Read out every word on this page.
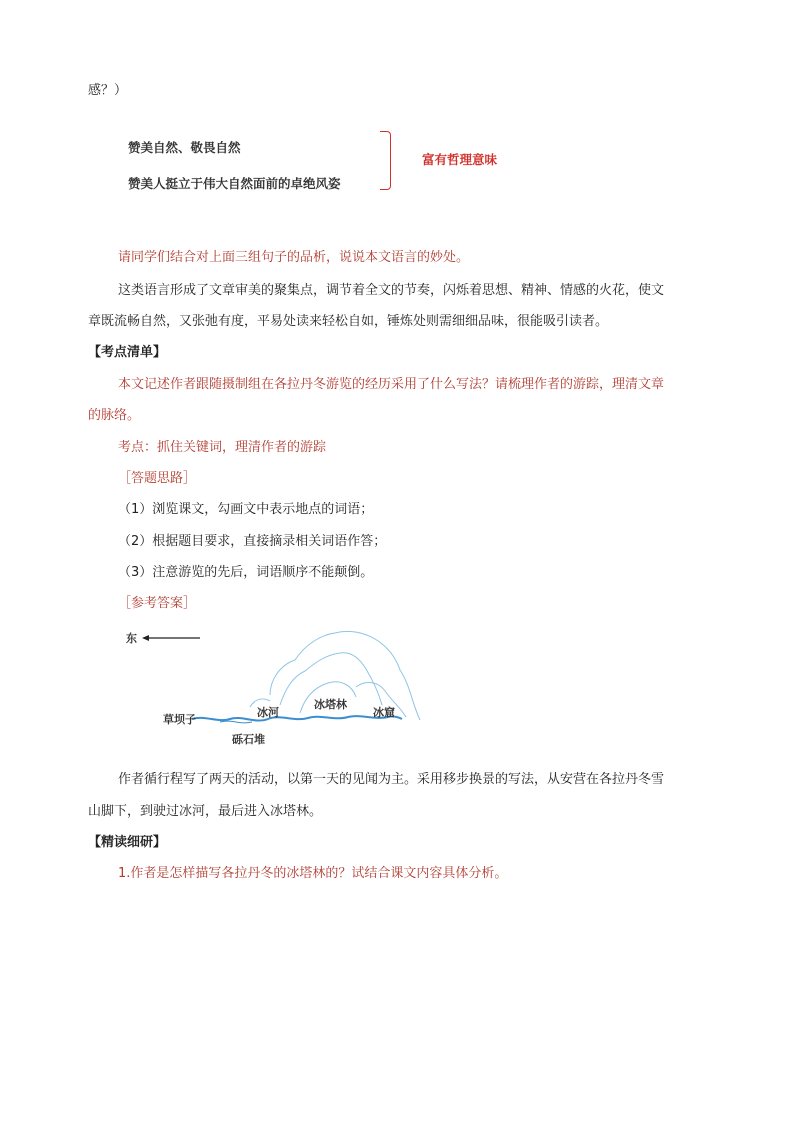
感？）
赞美自然、敬畏自然
赞美人挺立于伟大自然面前的卓绝风姿
富有哲理意味
请同学们结合对上面三组句子的品析，说说本文语言的妙处。
这类语言形成了文章审美的聚集点，调节着全文的节奏，闪烁着思想、精神、情感的火花，使文
章既流畅自然，又张弛有度，平易处读来轻松自如，锤炼处则需细细品味，很能吸引读者。
【考点清单】
本文记述作者跟随摄制组在各拉丹冬游览的经历采用了什么写法？请梳理作者的游踪，理清文章
的脉络。
考点：抓住关键词，理清作者的游踪
［答题思路］
（1）浏览课文，勾画文中表示地点的词语；
（2）根据题目要求，直接摘录相关词语作答；
（3）注意游览的先后，词语顺序不能颠倒。
［参考答案］
东
草坝子
冰河
砾石堆
冰塔林
冰窟
作者循行程写了两天的活动，以第一天的见闻为主。采用移步换景的写法，从安营在各拉丹冬雪
山脚下，到驶过冰河，最后进入冰塔林。
【精读细研】
1.作者是怎样描写各拉丹冬的冰塔林的？试结合课文内容具体分析。
